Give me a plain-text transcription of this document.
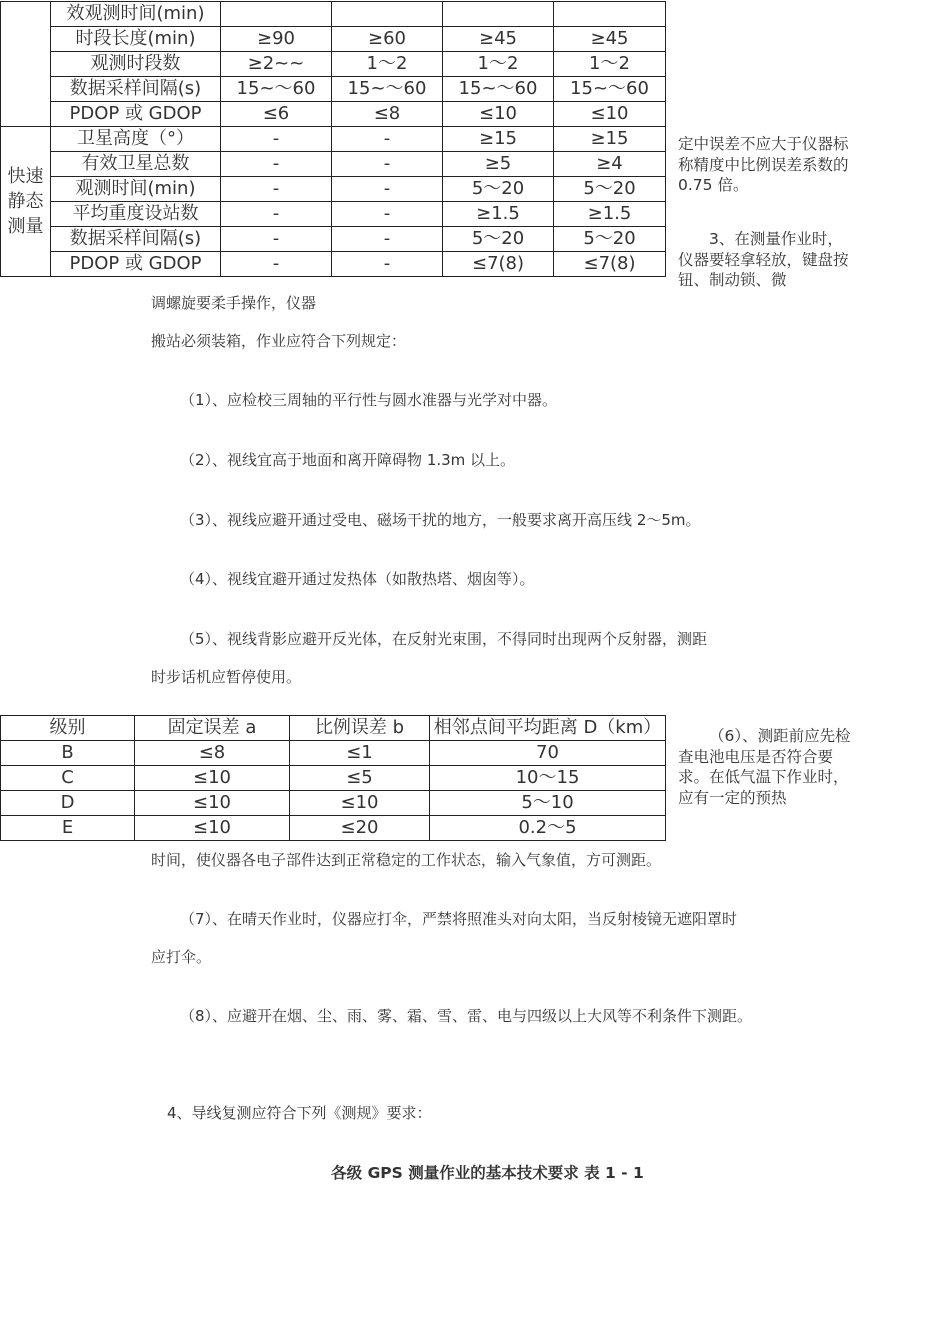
	效观测时间(min)				
	时段长度(min)	≥90	≥60	≥45	≥45
	观测时段数	≥2~~	1～2	1～2	1～2
	数据采样间隔(s)	15~～60	15~～60	15~～60	15~～60
	PDOP 或 GDOP	≤6	≤8	≤10	≤10

快速静态测量	卫星高度（°）	-	-	≥15	≥15
	有效卫星总数	-	-	≥5	≥4
	观测时间(min)	-	-	5～20	5～20
	平均重度设站数	-	-	≥1.5	≥1.5
	数据采样间隔(s)	-	-	5～20	5～20
	PDOP 或 GDOP	-	-	≤7(8)	≤7(8)
定中误差不应大于仪器标称精度中比例误差系数的 0.75 倍。
3、在测量作业时，仪器要轻拿轻放，键盘按钮、制动锁、微
调螺旋要柔手操作，仪器
搬站必须装箱，作业应符合下列规定：
（1）、应检校三周轴的平行性与圆水准器与光学对中器。
（2）、视线宜高于地面和离开障碍物 1.3m 以上。
（3）、视线应避开通过受电、磁场干扰的地方，一般要求离开高压线 2～5m。
（4）、视线宜避开通过发热体（如散热塔、烟囱等）。
（5）、视线背影应避开反光体，在反射光束围，不得同时出现两个反射器，测距
时步话机应暂停使用。
级别	固定误差 a	比例误差 b	相邻点间平均距离 D（km）
B	≤8	≤1	70
C	≤10	≤5	10～15
D	≤10	≤10	5～10
E	≤10	≤20	0.2～5
（6）、测距前应先检查电池电压是否符合要求。在低气温下作业时，应有一定的预热
时间，使仪器各电子部件达到正常稳定的工作状态，输入气象值，方可测距。
（7）、在晴天作业时，仪器应打伞，严禁将照准头对向太阳，当反射棱镜无遮阳罩时
应打伞。
（8）、应避开在烟、尘、雨、雾、霜、雪、雷、电与四级以上大风等不利条件下测距。
4、导线复测应符合下列《测规》要求：
各级 GPS 测量作业的基本技术要求 表 1 - 1
